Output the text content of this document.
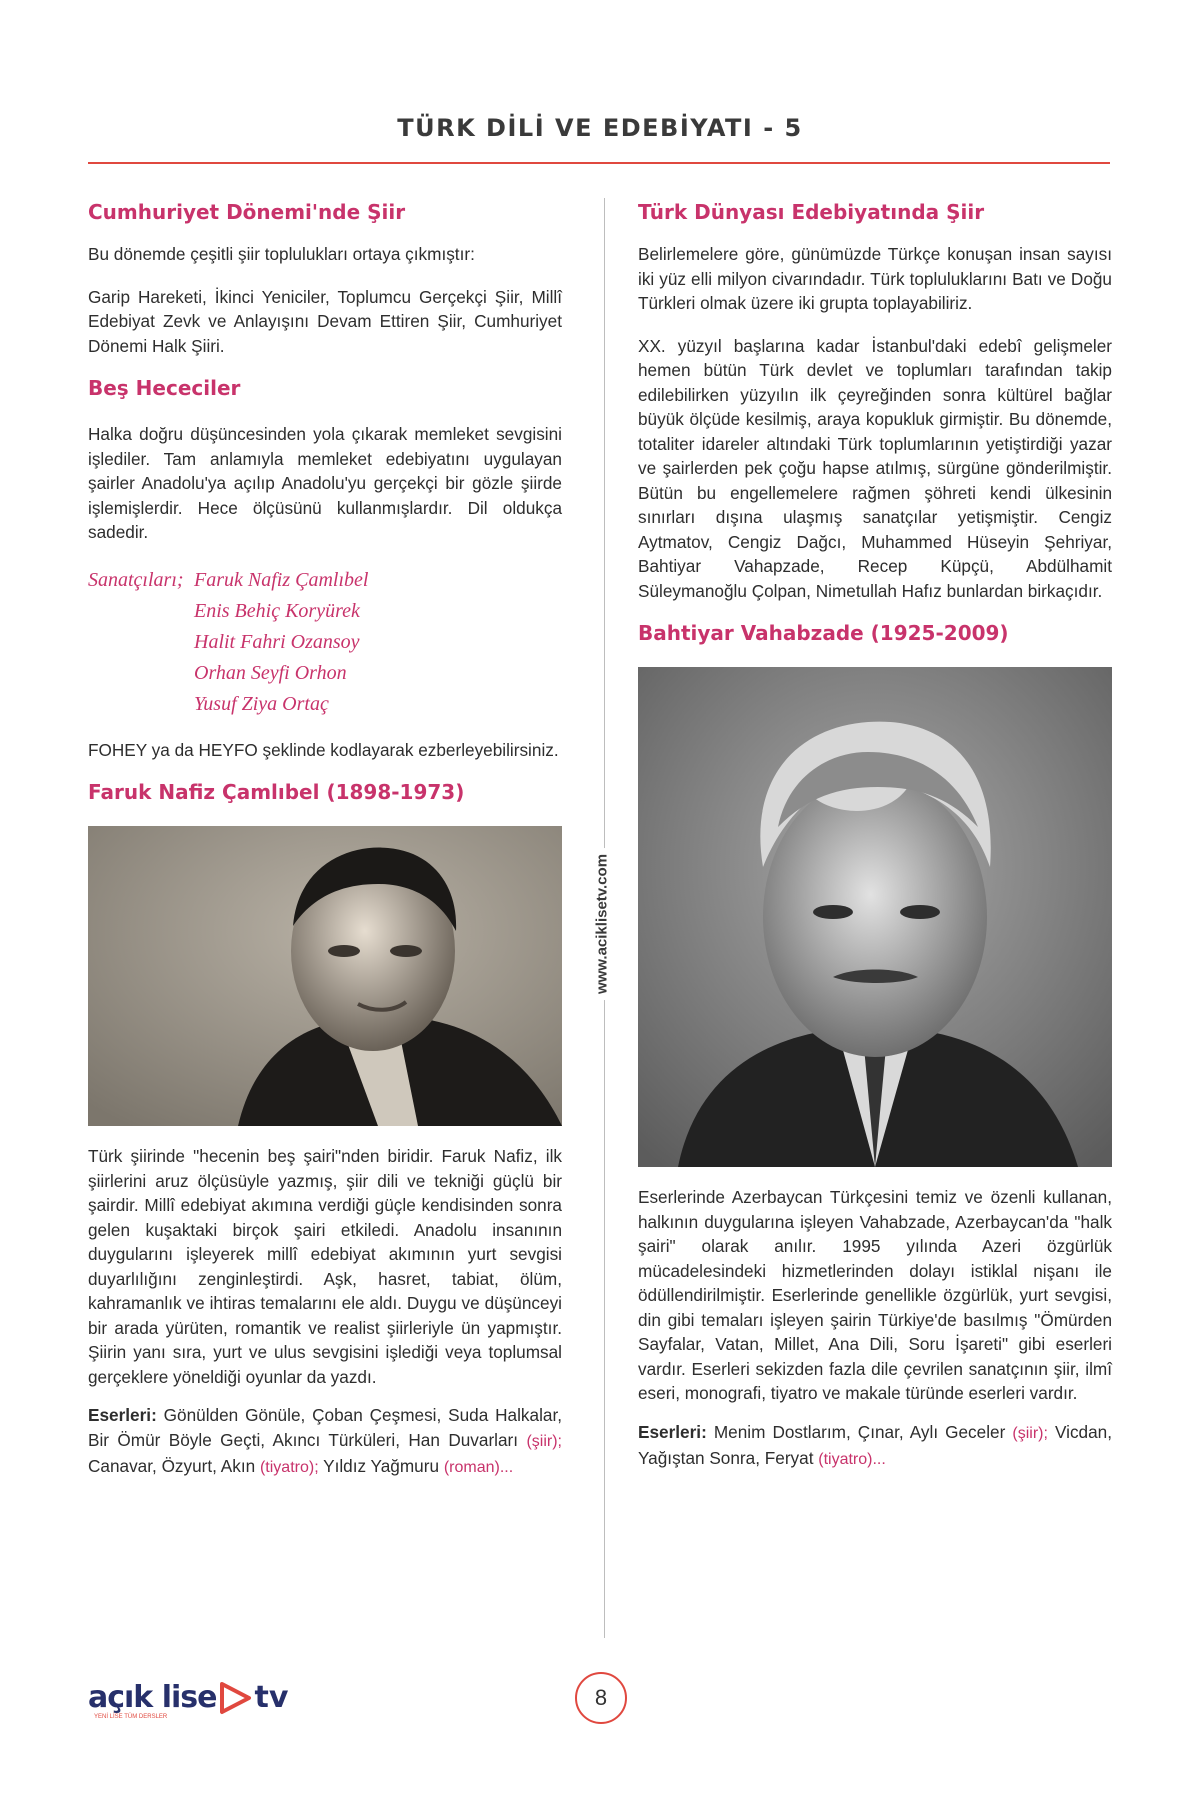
TÜRK DİLİ VE EDEBİYATI - 5
www.aciklisetv.com
Cumhuriyet Dönemi'nde Şiir

Bu dönemde çeşitli şiir toplulukları ortaya çıkmıştır:

Garip Hareketi, İkinci Yeniciler, Toplumcu Gerçekçi Şiir, Millî Edebiyat Zevk ve Anlayışını Devam Ettiren Şiir, Cumhuriyet Dönemi Halk Şiiri.

Beş Hececiler

Halka doğru düşüncesinden yola çıkarak memleket sevgisini işlediler. Tam anlamıyla memleket edebiyatını uygulayan şairler Anadolu'ya açılıp Anadolu'yu gerçekçi bir gözle şiirde işlemişlerdir. Hece ölçüsünü kullanmışlardır. Dil oldukça sadedir.

Sanatçıları; Faruk Nafiz Çamlıbel
Enis Behiç Koryürek
Halit Fahri Ozansoy
Orhan Seyfi Orhon
Yusuf Ziya Ortaç

FOHEY ya da HEYFO şeklinde kodlayarak ezberleyebilirsiniz.

Faruk Nafiz Çamlıbel (1898-1973)

Türk şiirinde "hecenin beş şairi"nden biridir. Faruk Nafiz, ilk şiirlerini aruz ölçüsüyle yazmış, şiir dili ve tekniği güçlü bir şairdir. Millî edebiyat akımına verdiği güçle kendisinden sonra gelen kuşaktaki birçok şairi etkiledi. Anadolu insanının duygularını işleyerek millî edebiyat akımının yurt sevgisi duyarlılığını zenginleştirdi. Aşk, hasret, tabiat, ölüm, kahramanlık ve ihtiras temalarını ele aldı. Duygu ve düşünceyi bir arada yürüten, romantik ve realist şiirleriyle ün yapmıştır. Şiirin yanı sıra, yurt ve ulus sevgisini işlediği veya toplumsal gerçeklere yöneldiği oyunlar da yazdı.

Eserleri: Gönülden Gönüle, Çoban Çeşmesi, Suda Halkalar, Bir Ömür Böyle Geçti, Akıncı Türküleri, Han Duvarları (şiir); Canavar, Özyurt, Akın (tiyatro); Yıldız Yağmuru (roman)...

Türk Dünyası Edebiyatında Şiir

Belirlemelere göre, günümüzde Türkçe konuşan insan sayısı iki yüz elli milyon civarındadır. Türk topluluklarını Batı ve Doğu Türkleri olmak üzere iki grupta toplayabiliriz.

XX. yüzyıl başlarına kadar İstanbul'daki edebî gelişmeler hemen bütün Türk devlet ve toplumları tarafından takip edilebilirken yüzyılın ilk çeyreğinden sonra kültürel bağlar büyük ölçüde kesilmiş, araya kopukluk girmiştir. Bu dönemde, totaliter idareler altındaki Türk toplumlarının yetiştirdiği yazar ve şairlerden pek çoğu hapse atılmış, sürgüne gönderilmiştir. Bütün bu engellemelere rağmen şöhreti kendi ülkesinin sınırları dışına ulaşmış sanatçılar yetişmiştir. Cengiz Aytmatov, Cengiz Dağcı, Muhammed Hüseyin Şehriyar, Bahtiyar Vahapzade, Recep Küpçü, Abdülhamit Süleymanoğlu Çolpan, Nimetullah Hafız bunlardan birkaçıdır.

Bahtiyar Vahabzade (1925-2009)

Eserlerinde Azerbaycan Türkçesini temiz ve özenli kullanan, halkının duygularına işleyen Vahabzade, Azerbaycan'da "halk şairi" olarak anılır. 1995 yılında Azeri özgürlük mücadelesindeki hizmetlerinden dolayı istiklal nişanı ile ödüllendirilmiştir. Eserlerinde genellikle özgürlük, yurt sevgisi, din gibi temaları işleyen şairin Türkiye'de basılmış "Ömürden Sayfalar, Vatan, Millet, Ana Dili, Soru İşareti" gibi eserleri vardır. Eserleri sekizden fazla dile çevrilen sanatçının şiir, ilmî eseri, monografi, tiyatro ve makale türünde eserleri vardır.

Eserleri: Menim Dostlarım, Çınar, Aylı Geceler (şiir); Vicdan, Yağıştan Sonra, Feryat (tiyatro)...

açık lise tv
YENİ LİSE TÜM DERSLER
8
